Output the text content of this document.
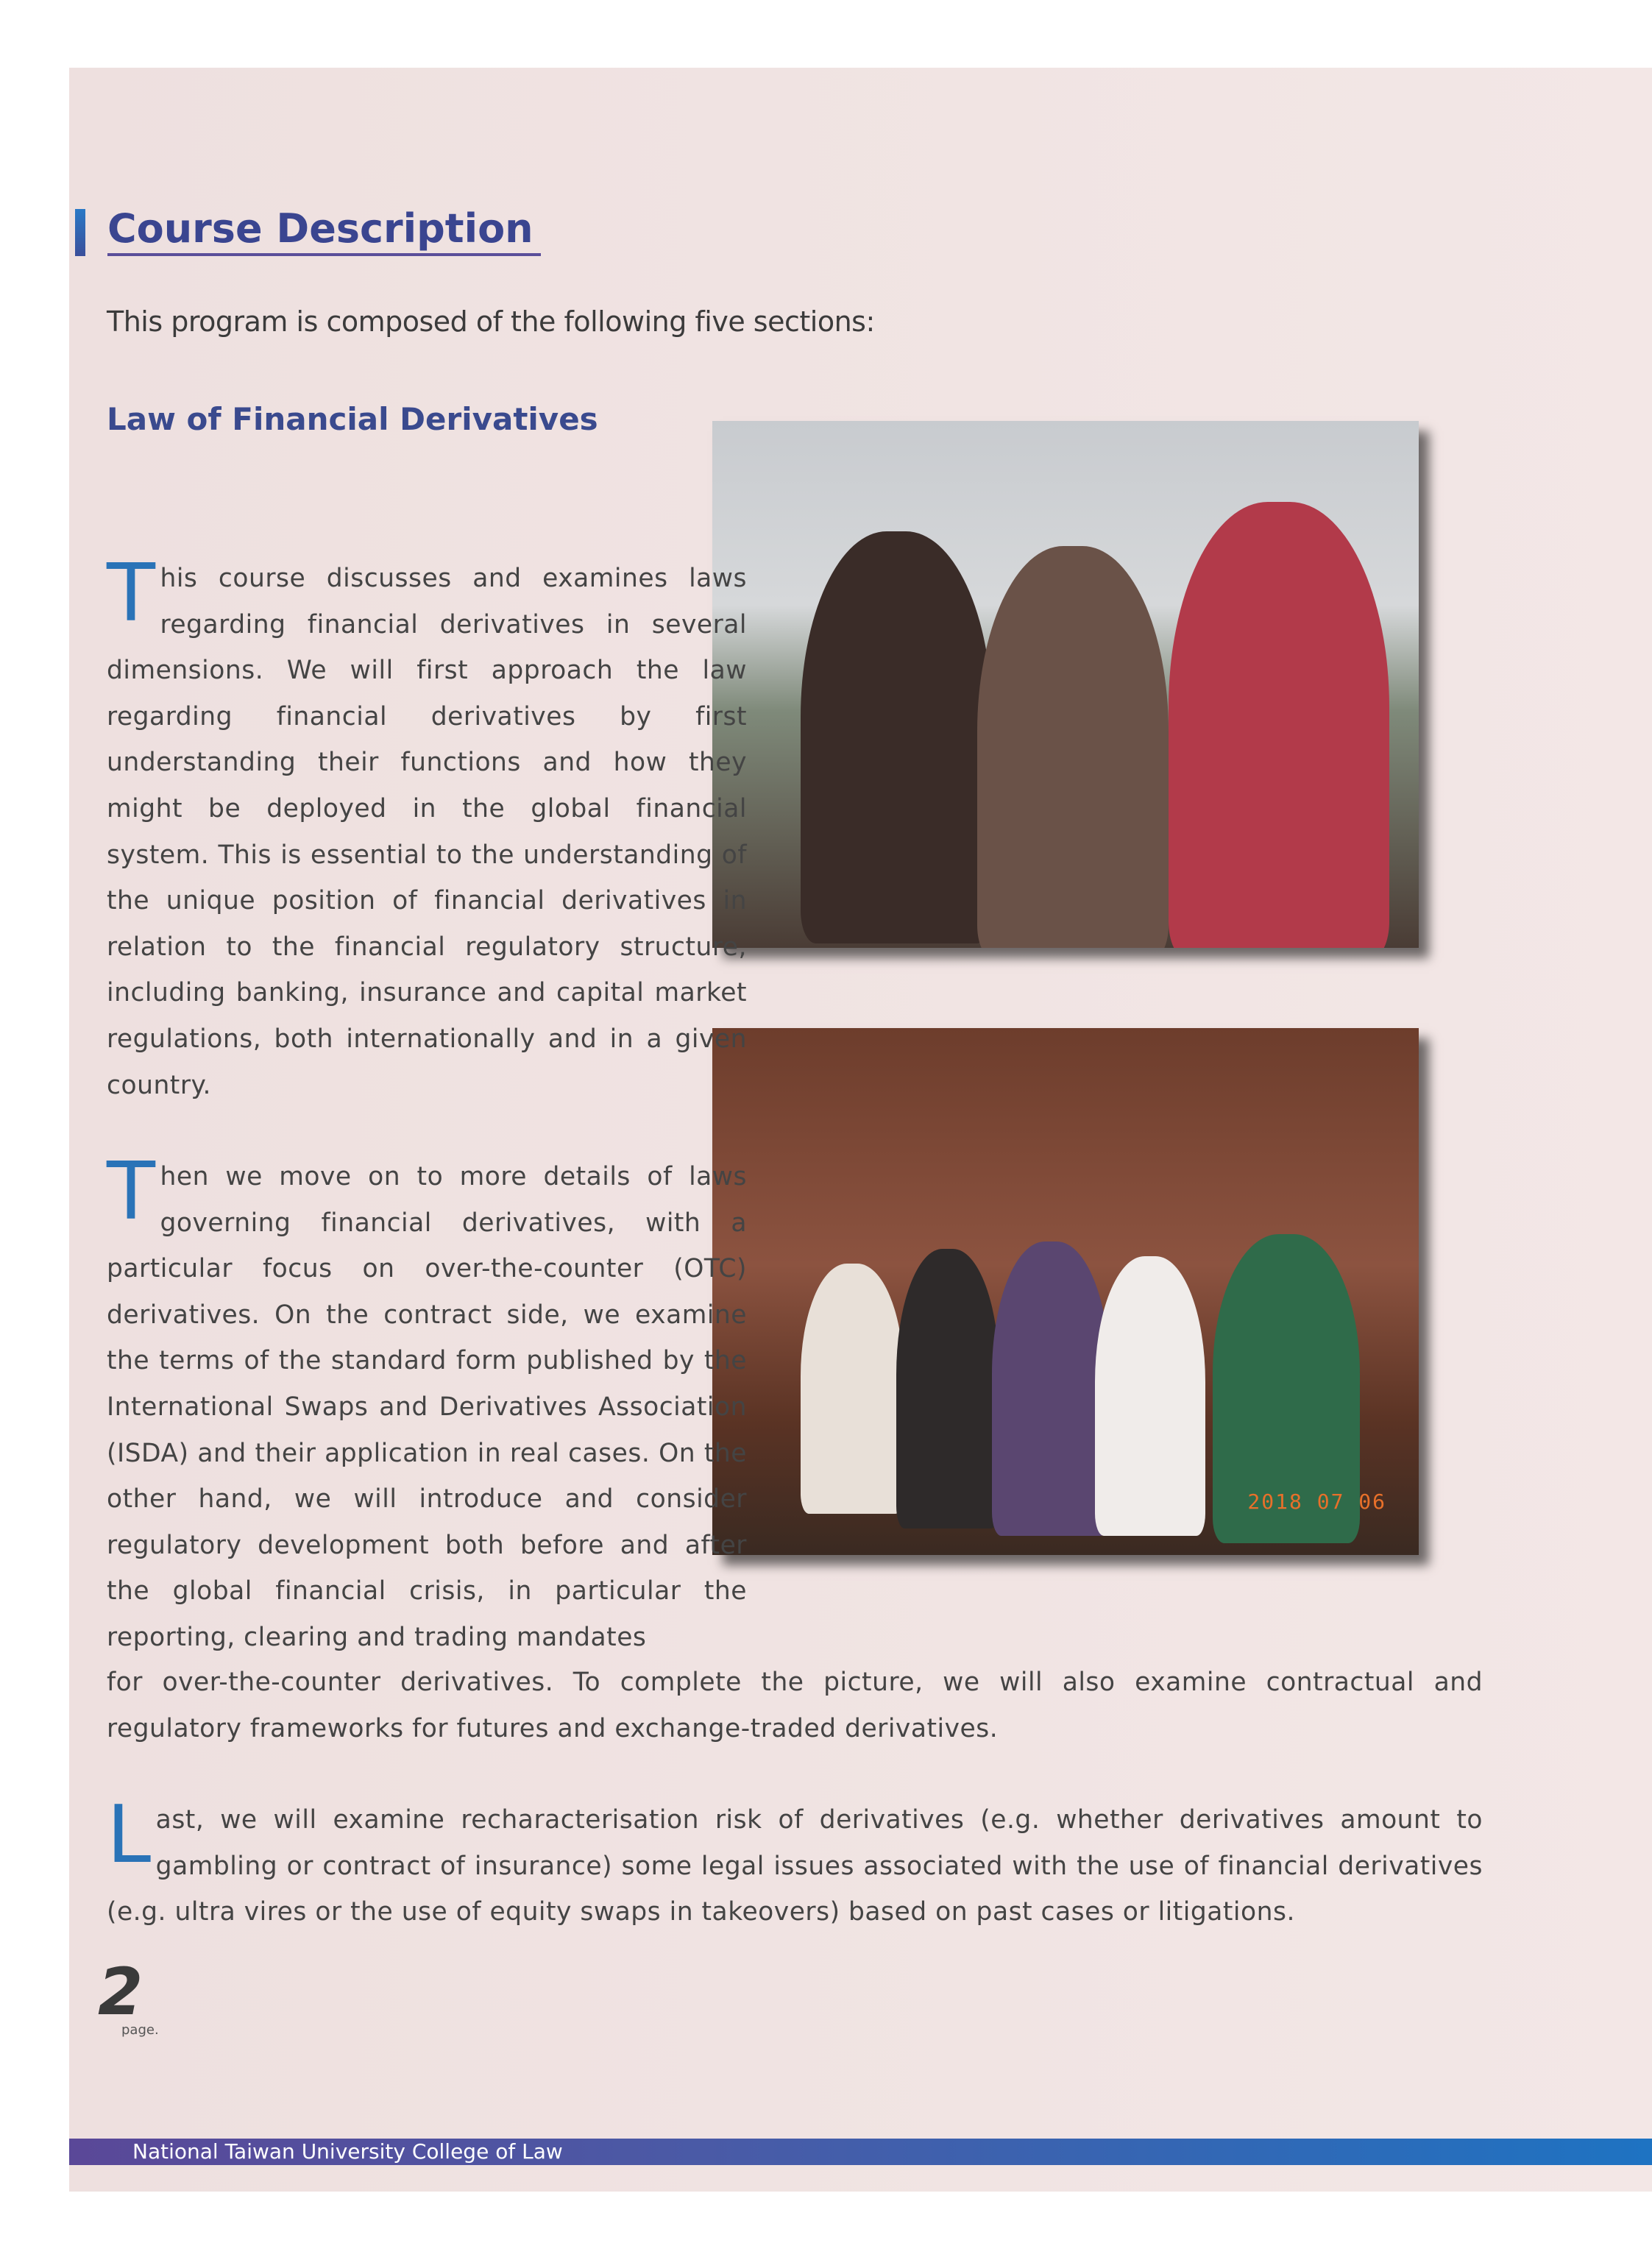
Course Description
This program is composed of the following five sections:
Law of Financial Derivatives
2018 07 06
This course discusses and examines laws regarding financial derivatives in several dimensions. We will first approach the law regarding financial derivatives by first understanding their functions and how they might be deployed in the global financial system. This is essential to the understanding of the unique position of financial derivatives in relation to the financial regulatory structure, including banking, insurance and capital market regulations, both internationally and in a given country.
Then we move on to more details of laws governing financial derivatives, with a particular focus on over-the-counter (OTC) derivatives. On the contract side, we examine the terms of the standard form published by the International Swaps and Derivatives Association (ISDA) and their application in real cases. On the other hand, we will introduce and consider regulatory development both before and after the global financial crisis, in particular the reporting, clearing and trading mandates
for over-the-counter derivatives. To complete the picture, we will also examine contractual and regulatory frameworks for futures and exchange-traded derivatives.
Last, we will examine recharacterisation risk of derivatives (e.g. whether derivatives amount to gambling or contract of insurance) some legal issues associated with the use of financial derivatives (e.g. ultra vires or the use of equity swaps in takeovers) based on past cases or litigations.
2
page.
National Taiwan University College of Law
